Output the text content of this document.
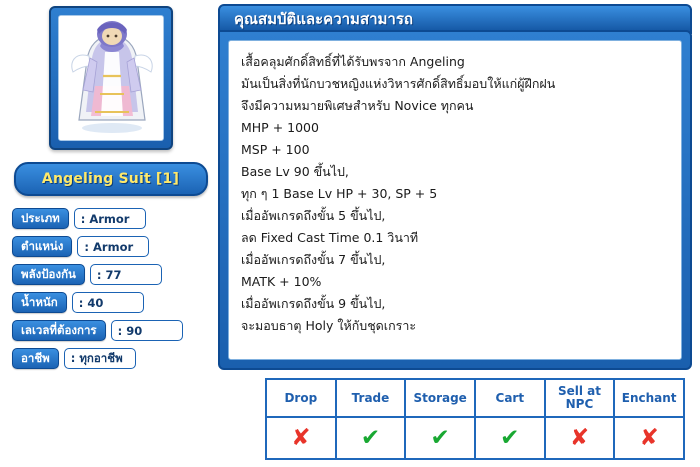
Angeling Suit [1]
ประเภท	: Armor
ตำแหน่ง	: Armor
พลังป้องกัน	: 77
น้ำหนัก	: 40
เลเวลที่ต้องการ	: 90
อาชีพ	: ทุกอาชีพ
คุณสมบัติและความสามารถ
เสื้อคลุมศักดิ์สิทธิ์ที่ได้รับพรจาก Angeling
มันเป็นสิ่งที่นักบวชหญิงแห่งวิหารศักดิ์สิทธิ์มอบให้แก่ผู้ฝึกฝน
จึงมีความหมายพิเศษสำหรับ Novice ทุกคน
MHP + 1000
MSP + 100
Base Lv 90 ขึ้นไป,
ทุก ๆ 1 Base Lv HP + 30, SP + 5
เมื่ออัพเกรดถึงขั้น 5 ขึ้นไป,
ลด Fixed Cast Time 0.1 วินาที
เมื่ออัพเกรดถึงขั้น 7 ขึ้นไป,
MATK + 10%
เมื่ออัพเกรดถึงขั้น 9 ขึ้นไป,
จะมอบธาตุ Holy ให้กับชุดเกราะ
Drop	Trade	Storage	Cart	Sell at NPC	Enchant
✘	✔	✔	✔	✘	✘
